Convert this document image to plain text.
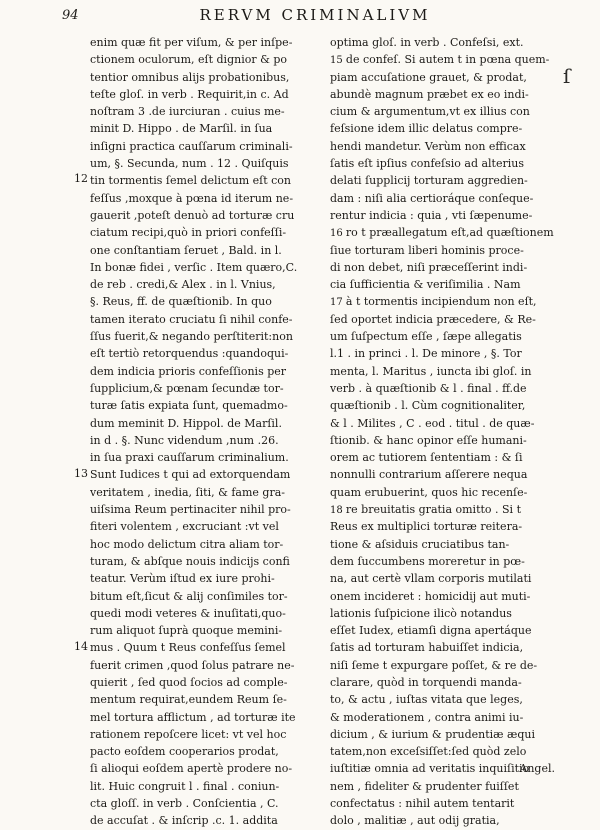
94	RERVM CRIMINALIVM
enim quæ fit per viſum, & per inſpe-
ctionem oculorum, eſt dignior & po
tentior omnibus alijs probationibus,
teſte gloſ. in verb . Requirit,in c. Ad
noſtram 3 .de iurciuran . cuius me-
minit D. Hippo . de Marſil. in ſua
inſigni practica cauſſarum criminali-
um, §. Secunda, num . 12 . Quiſquis
tin tormentis ſemel delictum eſt con
feſſus ,moxque à pœna id iterum ne-
gauerit ,poteſt denuò ad torturæ cru
ciatum recipi,quò in priori confeſſi-
one conſtantiam ſeruet , Bald. in l.
In bonæ fidei , verſic . Item quæro,C.
de reb . credi,& Alex . in l. Vnius,
§. Reus, ff. de quæſtionib. In quo
tamen iterato cruciatu ſi nihil confe-
ſſus fuerit,& negando perſtiterit:non
eſt tertiò retorquendus :quandoqui-
dem indicia prioris confeſſionis per
ſupplicium,& pœnam ſecundæ tor-
turæ ſatis expiata ſunt, quemadmo-
dum meminit D. Hippol. de Marſil.
in d . §. Nunc videndum ,num .26.
in ſua praxi cauſſarum criminalium.
Sunt Iudices t qui ad extorquendam
veritatem , inedia, ſiti, & fame gra-
uiſsima Reum pertinaciter nihil pro-
fiteri volentem , excruciant :vt vel
hoc modo delictum citra aliam tor-
turam, & abſque nouis indicijs confi
teatur. Verùm iſtud ex iure prohi-
bitum eſt,ſicut & alij conſimiles tor-
quedi modi veteres & inuſitati,quo-
rum aliquot ſuprà quoque memini-
mus . Quum t Reus confeſſus ſemel
fuerit crimen ,quod ſolus patrare ne-
quierit , ſed quod ſocios ad comple-
mentum requirat,eundem Reum ſe-
mel tortura afflictum , ad torturæ ite
rationem repoſcere licet: vt vel hoc
pacto eoſdem cooperarios prodat,
ſi alioqui eoſdem apertè prodere no-
lit. Huic congruit l . final . coniun-
cta gloſſ. in verb . Conſcientia , C.
de accuſat . & inſcrip .c. 1. addita
optima gloſ. in verb . Confeſsi, ext.
15 de confeſ. Si autem t in pœna quem-
piam accuſatione grauet, & prodat,
abundè magnum præbet ex eo indi-
cium & argumentum,vt ex illius con
feſsione idem illic delatus compre-
hendi mandetur. Verùm non efficax
ſatis eſt ipſius confeſsio ad alterius
delati ſupplicij torturam aggredien-
dam : niſi alia certioráque conſeque-
rentur indicia : quia , vti ſæpenume-
16 ro t præallegatum eſt,ad quæſtionem
ſiue torturam liberi hominis proce-
di non debet, niſi præceſſerint indi-
cia ſufficientia & veriſimilia . Nam
17 à t tormentis incipiendum non eſt,
ſed oportet indicia præcedere, & Re-
um ſuſpectum eſſe , ſæpe allegatis
l.1 . in princi . l. De minore , §. Tor
menta, l. Maritus , iuncta ibi gloſ. in
verb . à quæſtionib & l . final . ff.de
quæſtionib . l. Cùm cognitionaliter,
& l . Milites , C . eod . titul . de quæ-
ſtionib. & hanc opinor eſſe humani-
orem ac tutiorem ſententiam : & ſi
nonnulli contrarium aſſerere nequa
quam erubuerint, quos hic recenſe-
18 re breuitatis gratia omitto . Si t
Reus ex multiplici torturæ reitera-
tione & aſsiduis cruciatibus tan-
dem ſuccumbens moreretur in pœ-
na, aut certè vllam corporis mutilati
onem incideret : homicidij aut muti-
lationis ſuſpicione ilicò notandus
eſſet Iudex, etiamſi digna apertáque
ſatis ad torturam habuiſſet indicia,
niſi ſeme t expurgare poſſet, & re de-
clarare, quòd in torquendi manda-
to, & actu , iuſtas vitata que leges,
& moderationem , contra animi iu-
dicium , & iurium & prudentiæ æqui
tatem,non exceſsiſſet:ſed quòd zelo
iuſtitiæ omnia ad veritatis inquiſitio
nem , fideliter & prudenter fuiſſet
confectatus : nihil autem tentarit
dolo , malitiæ , aut odij gratia,
12
13
14
ſ
Angel.
